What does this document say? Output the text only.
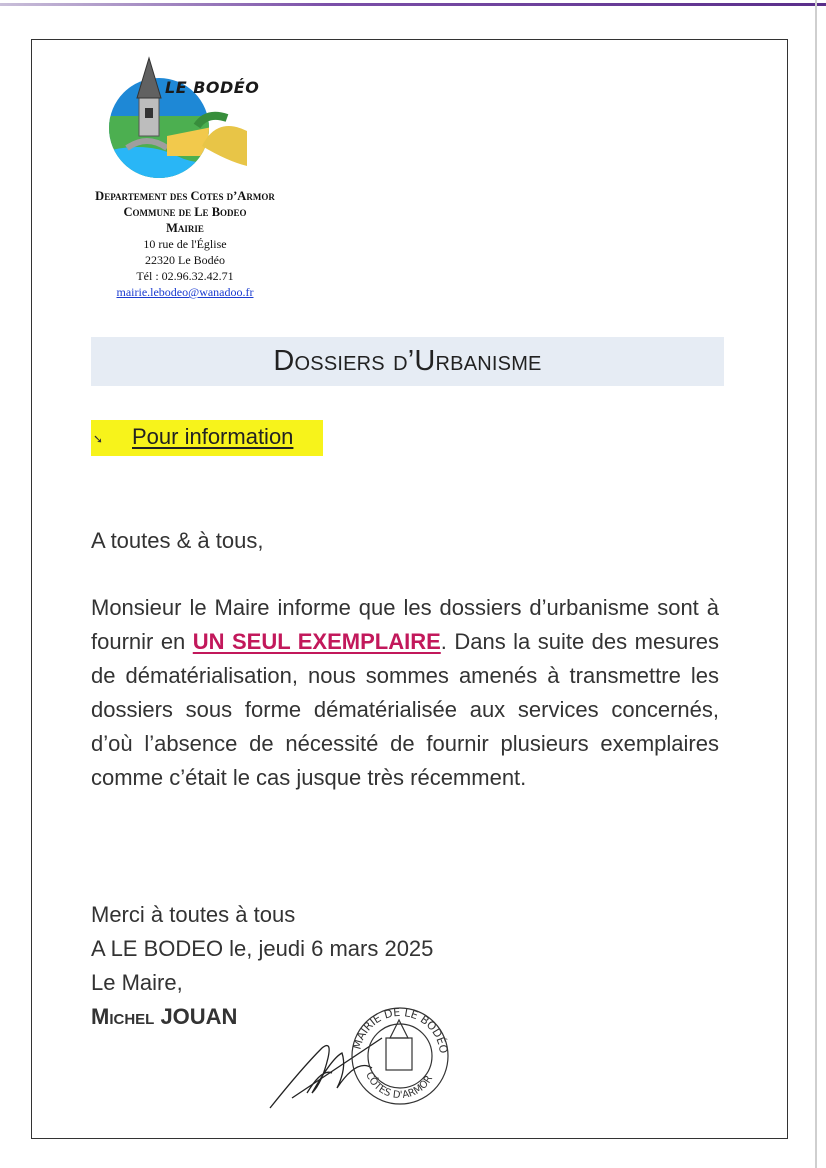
LE BODÉO
Departement des Cotes d’Armor
Commune de Le Bodeo
Mairie
10 rue de l'Église
22320 Le Bodéo
Tél : 02.96.32.42.71
mairie.lebodeo@wanadoo.fr
Dossiers d’Urbanisme
➘ Pour information
A toutes & à tous,
Monsieur le Maire informe que les dossiers d’urbanisme sont à fournir en UN SEUL EXEMPLAIRE. Dans la suite des mesures de dématérialisation, nous sommes amenés à transmettre les dossiers sous forme dématérialisée aux services concernés, d’où l’absence de nécessité de fournir plusieurs exemplaires comme c’était le cas jusque très récemment.
Merci à toutes à tous
A LE BODEO le, jeudi 6 mars 2025
Le Maire,
Michel JOUAN
MAIRIE DE LE BODÉO
CÔTES D'ARMOR
